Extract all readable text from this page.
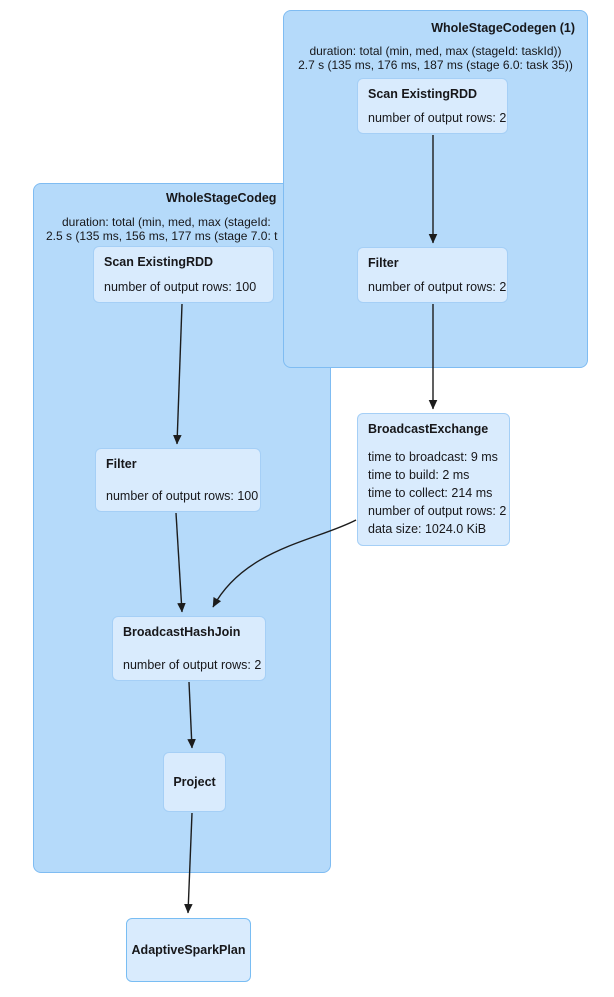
WholeStageCodeg
duration: total (min, med, max (stageId:
2.5 s (135 ms, 156 ms, 177 ms (stage 7.0: t
WholeStageCodegen (1)
duration: total (min, med, max (stageId: taskId))
2.7 s (135 ms, 176 ms, 187 ms (stage 6.0: task 35))
Scan ExistingRDD
number of output rows: 2
Filter
number of output rows: 2
BroadcastExchange
time to broadcast: 9 ms
time to build: 2 ms
time to collect: 214 ms
number of output rows: 2
data size: 1024.0 KiB
Scan ExistingRDD
number of output rows: 100
Filter
number of output rows: 100
BroadcastHashJoin
number of output rows: 2
Project
AdaptiveSparkPlan
